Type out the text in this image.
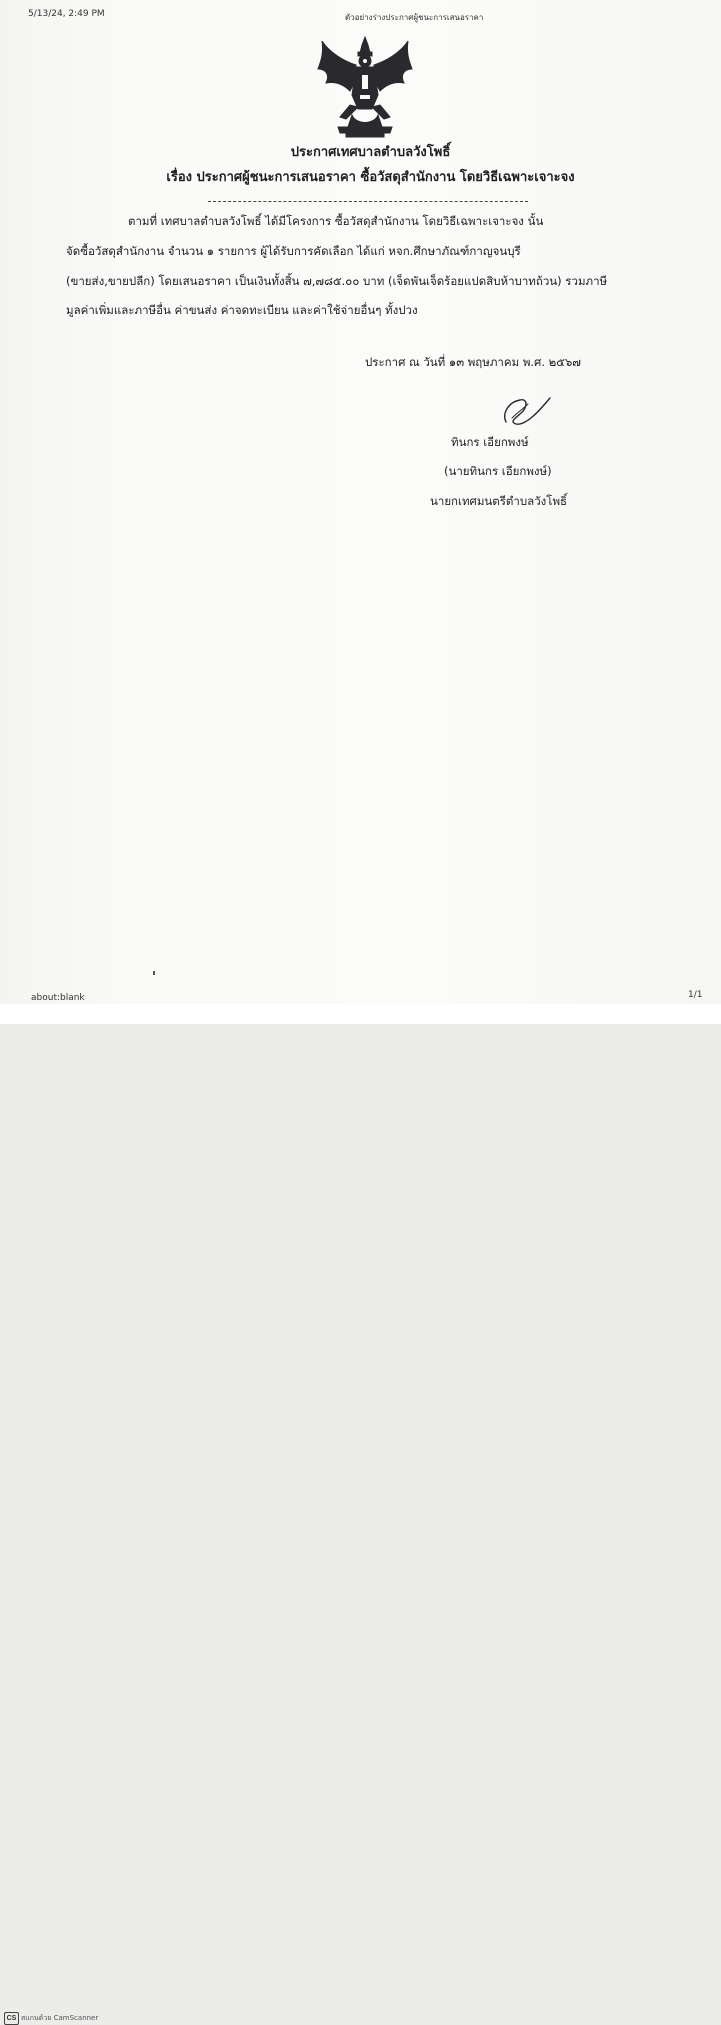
5/13/24, 2:49 PM	ตัวอย่างร่างประกาศผู้ชนะการเสนอราคา
ประกาศเทศบาลตำบลวังโพธิ์
เรื่อง ประกาศผู้ชนะการเสนอราคา ซื้อวัสดุสำนักงาน โดยวิธีเฉพาะเจาะจง
ตามที่ เทศบาลตำบลวังโพธิ์ ได้มีโครงการ ซื้อวัสดุสำนักงาน โดยวิธีเฉพาะเจาะจง นั้น
จัดซื้อวัสดุสำนักงาน จำนวน ๑ รายการ ผู้ได้รับการคัดเลือก ได้แก่ หจก.ศึกษาภัณฑ์กาญจนบุรี
(ขายส่ง,ขายปลีก) โดยเสนอราคา เป็นเงินทั้งสิ้น ๗,๗๘๕.๐๐ บาท (เจ็ดพันเจ็ดร้อยแปดสิบห้าบาทถ้วน) รวมภาษี
มูลค่าเพิ่มและภาษีอื่น ค่าขนส่ง ค่าจดทะเบียน และค่าใช้จ่ายอื่นๆ ทั้งปวง
ประกาศ ณ วันที่ ๑๓ พฤษภาคม พ.ศ. ๒๕๖๗
ทินกร เอียกพงษ์
(นายทินกร เอียกพงษ์)
นายกเทศมนตรีตำบลวังโพธิ์
about:blank	1/1
CS สแกนด้วย CamScanner
